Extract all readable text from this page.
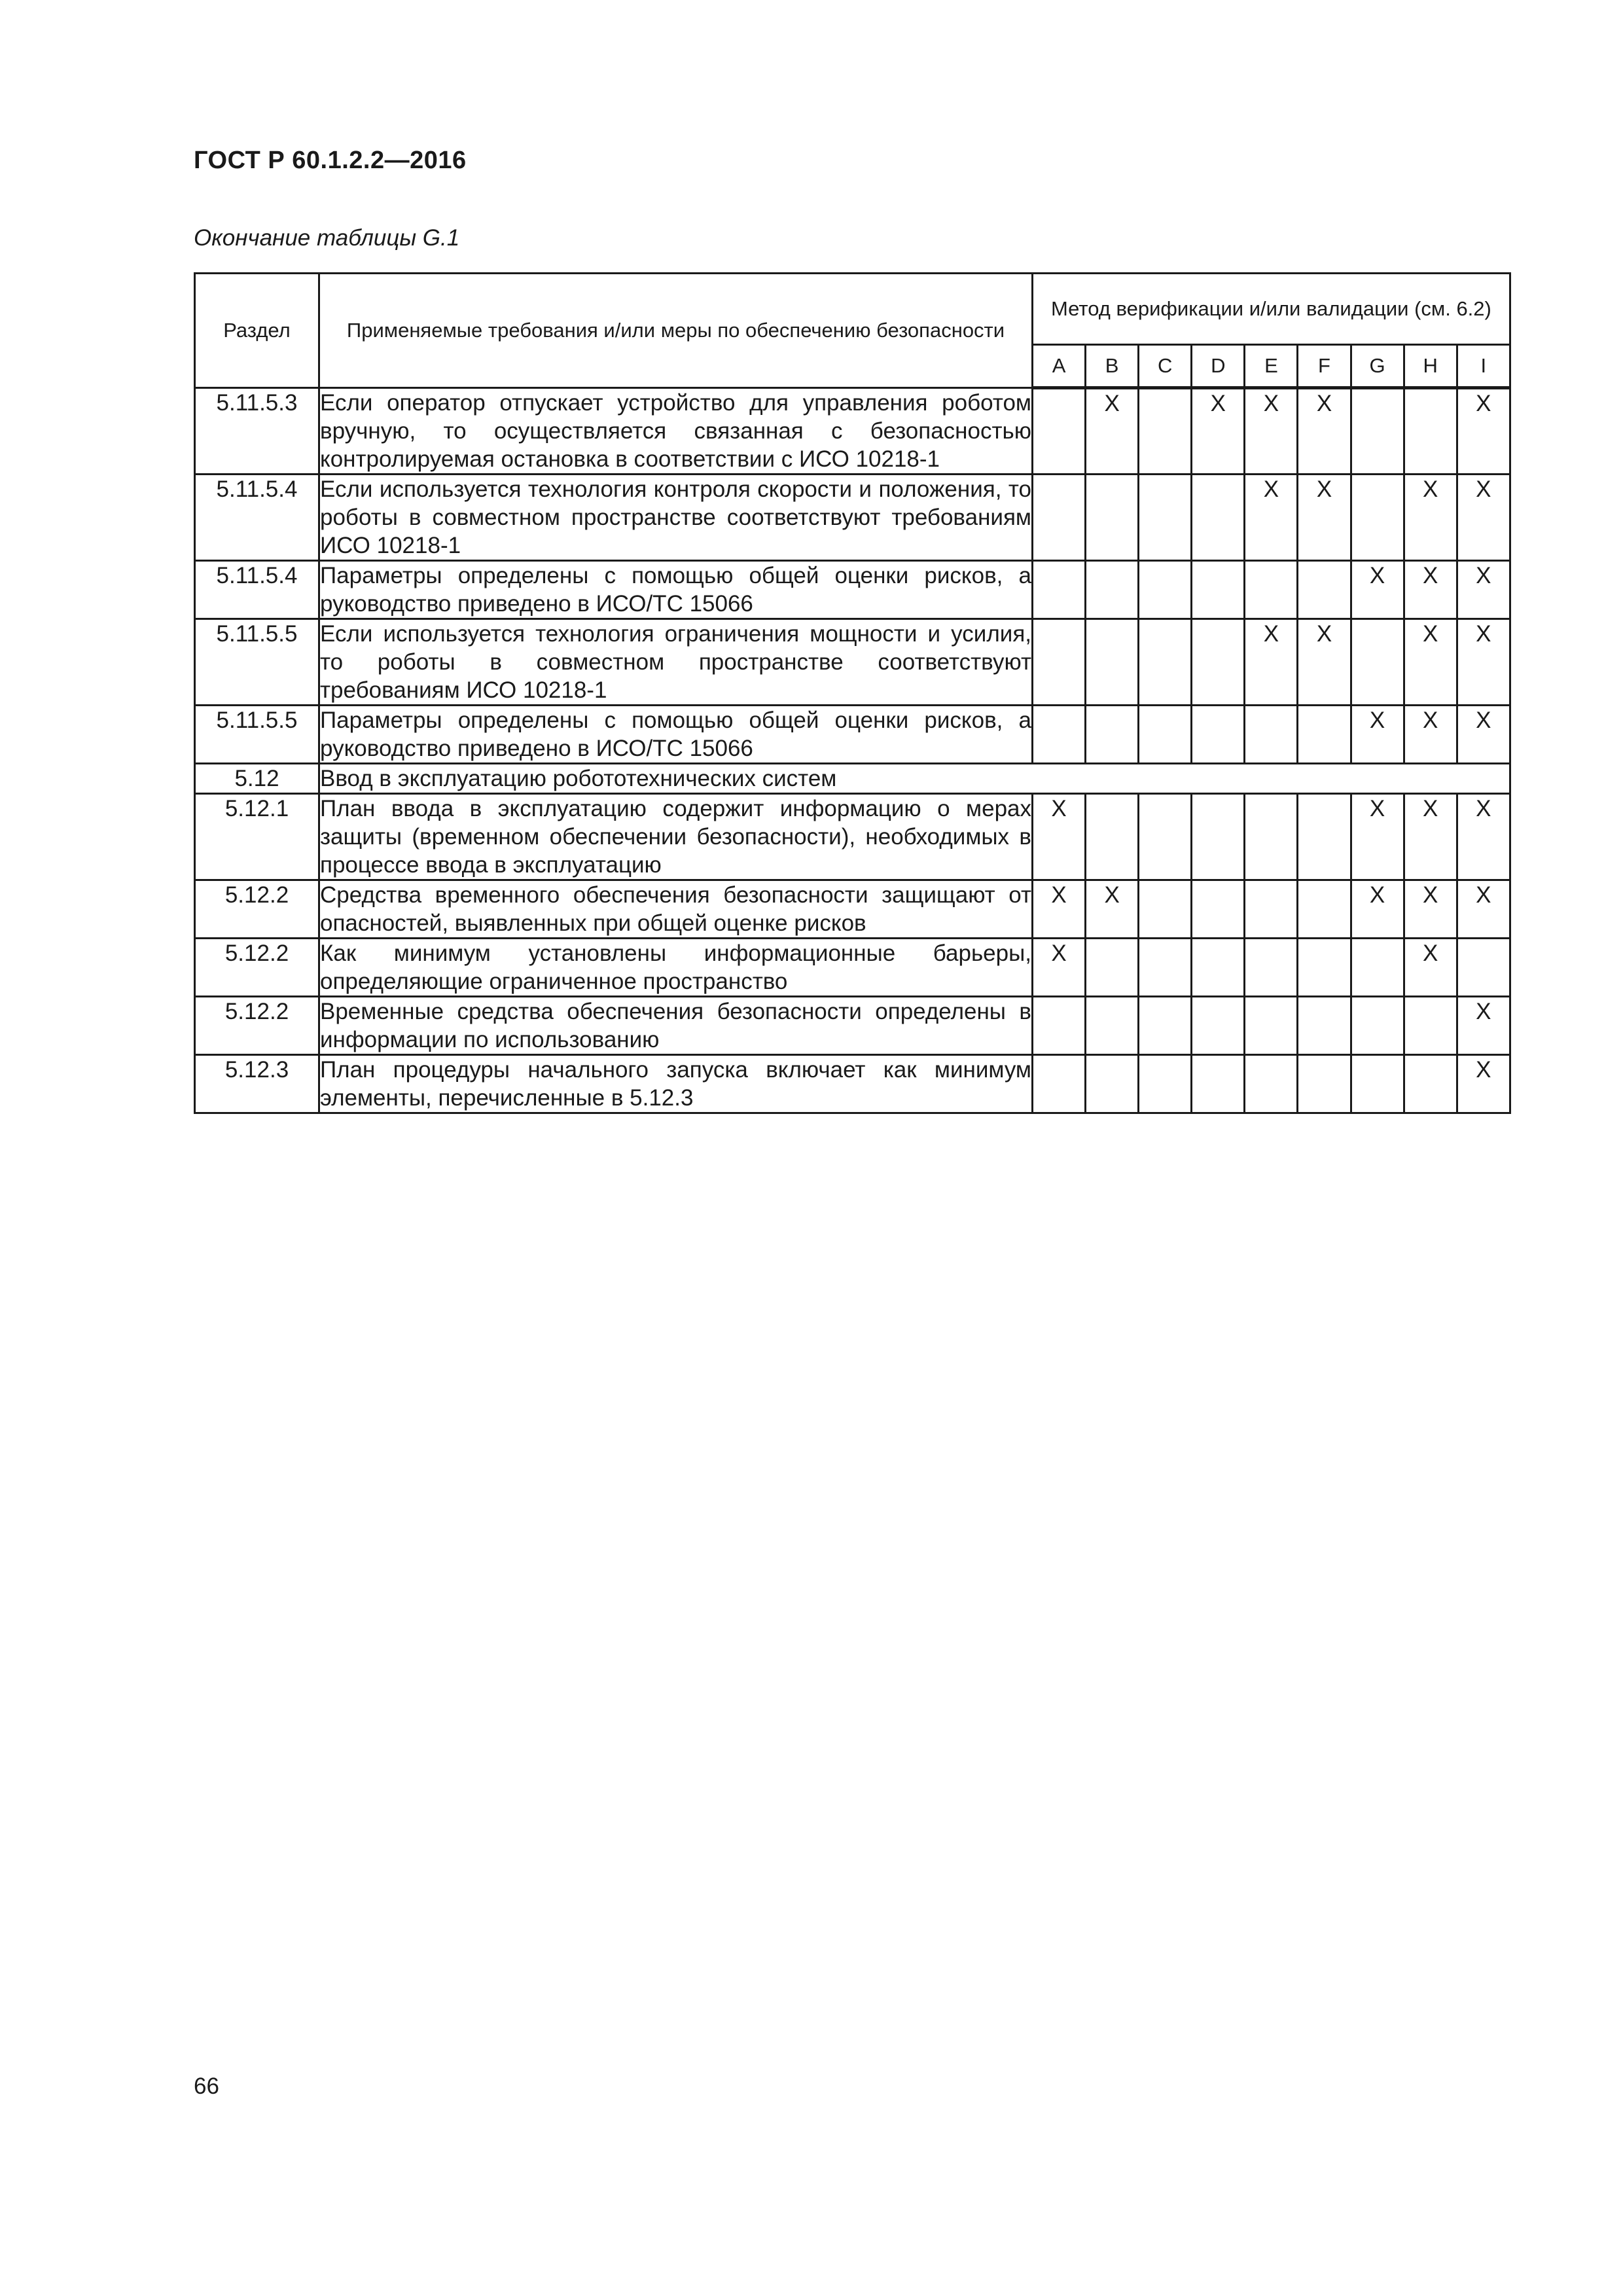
ГОСТ Р 60.1.2.2—2016
Окончание таблицы G.1
Раздел	Применяемые требования и/или меры по обеспечению безопасности	Метод верификации и/или валидации (см. 6.2)								
		A	B	C	D	E	F	G	H	I
5.11.5.3	Если оператор отпускает устройство для управления роботом вручную, то осуществляется связанная с безопасностью контролируемая остановка в соответствии с ИСО 10218-1		X		X	X	X			X
5.11.5.4	Если используется технология контроля скорости и положения, то роботы в совместном пространстве соответствуют требованиям ИСО 10218-1					X	X		X	X
5.11.5.4	Параметры определены с помощью общей оценки рисков, а руководство приведено в ИСО/ТС 15066							X	X	X
5.11.5.5	Если используется технология ограничения мощности и усилия, то роботы в совместном пространстве соответствуют требованиям ИСО 10218-1					X	X		X	X
5.11.5.5	Параметры определены с помощью общей оценки рисков, а руководство приведено в ИСО/ТС 15066							X	X	X
5.12	Ввод в эксплуатацию робототехнических систем									
5.12.1	План ввода в эксплуатацию содержит информацию о мерах защиты (временном обеспечении безопасности), необходимых в процессе ввода в эксплуатацию	X						X	X	X
5.12.2	Средства временного обеспечения безопасности защищают от опасностей, выявленных при общей оценке рисков	X	X					X	X	X
5.12.2	Как минимум установлены информационные барьеры, определяющие ограниченное пространство	X							X	
5.12.2	Временные средства обеспечения безопасности определены в информации по использованию									X
5.12.3	План процедуры начального запуска включает как минимум элементы, перечисленные в 5.12.3									X
66
